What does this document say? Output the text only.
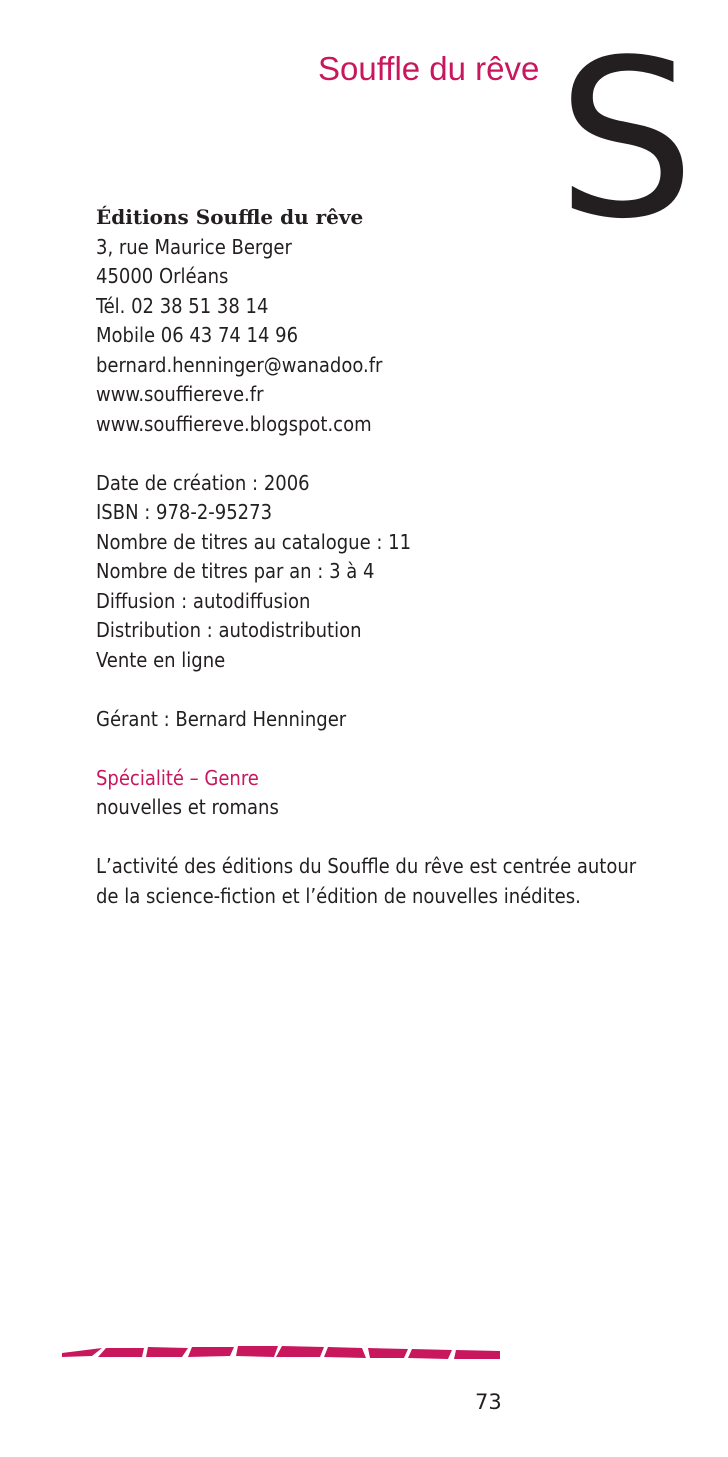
Souffle du rêve S
Éditions Souffle du rêve
3, rue Maurice Berger
45000 Orléans
Tél. 02 38 51 38 14
Mobile 06 43 74 14 96
bernard.henninger@wanadoo.fr
www.souffiereve.fr
www.souffiereve.blogspot.com
Date de création : 2006
ISBN : 978-2-95273
Nombre de titres au catalogue : 11
Nombre de titres par an : 3 à 4
Diffusion : autodiffusion
Distribution : autodistribution
Vente en ligne
Gérant : Bernard Henninger
Spécialité – Genre
nouvelles et romans
L’activité des éditions du Souffle du rêve est centrée autour
de la science-fiction et l’édition de nouvelles inédites.
73
